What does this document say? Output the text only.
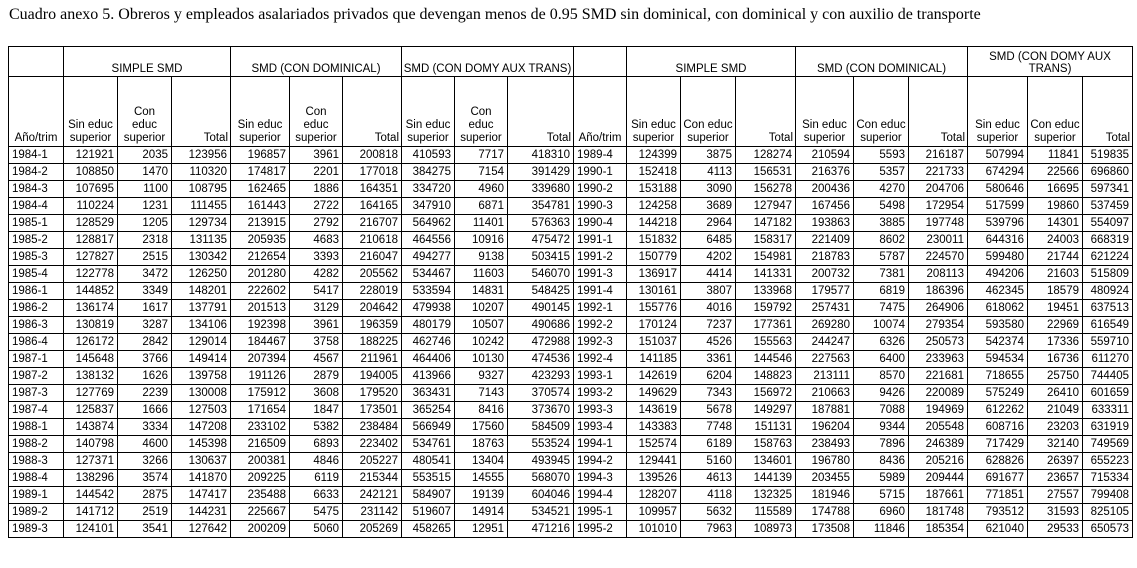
Cuadro anexo 5. Obreros y empleados asalariados privados que devengan menos de 0.95 SMD sin dominical, con dominical y con auxilio de transporte
	SIMPLE SMD			SMD (CON DOMINICAL)			SMD (CON DOMY AUX TRANS)				SIMPLE SMD			SMD (CON DOMINICAL)			SMD (CON DOMY AUX TRANS)		
Año/trim	Sin educ superior	Con educ superior	Total	Sin educ superior	Con educ superior	Total	Sin educ superior	Con educ superior	Total	Año/trim	Sin educ superior	Con educ superior	Total	Sin educ superior	Con educ superior	Total	Sin educ superior	Con educ superior	Total
1984-1	121921	2035	123956	196857	3961	200818	410593	7717	418310	1989-4	124399	3875	128274	210594	5593	216187	507994	11841	519835
1984-2	108850	1470	110320	174817	2201	177018	384275	7154	391429	1990-1	152418	4113	156531	216376	5357	221733	674294	22566	696860
1984-3	107695	1100	108795	162465	1886	164351	334720	4960	339680	1990-2	153188	3090	156278	200436	4270	204706	580646	16695	597341
1984-4	110224	1231	111455	161443	2722	164165	347910	6871	354781	1990-3	124258	3689	127947	167456	5498	172954	517599	19860	537459
1985-1	128529	1205	129734	213915	2792	216707	564962	11401	576363	1990-4	144218	2964	147182	193863	3885	197748	539796	14301	554097
1985-2	128817	2318	131135	205935	4683	210618	464556	10916	475472	1991-1	151832	6485	158317	221409	8602	230011	644316	24003	668319
1985-3	127827	2515	130342	212654	3393	216047	494277	9138	503415	1991-2	150779	4202	154981	218783	5787	224570	599480	21744	621224
1985-4	122778	3472	126250	201280	4282	205562	534467	11603	546070	1991-3	136917	4414	141331	200732	7381	208113	494206	21603	515809
1986-1	144852	3349	148201	222602	5417	228019	533594	14831	548425	1991-4	130161	3807	133968	179577	6819	186396	462345	18579	480924
1986-2	136174	1617	137791	201513	3129	204642	479938	10207	490145	1992-1	155776	4016	159792	257431	7475	264906	618062	19451	637513
1986-3	130819	3287	134106	192398	3961	196359	480179	10507	490686	1992-2	170124	7237	177361	269280	10074	279354	593580	22969	616549
1986-4	126172	2842	129014	184467	3758	188225	462746	10242	472988	1992-3	151037	4526	155563	244247	6326	250573	542374	17336	559710
1987-1	145648	3766	149414	207394	4567	211961	464406	10130	474536	1992-4	141185	3361	144546	227563	6400	233963	594534	16736	611270
1987-2	138132	1626	139758	191126	2879	194005	413966	9327	423293	1993-1	142619	6204	148823	213111	8570	221681	718655	25750	744405
1987-3	127769	2239	130008	175912	3608	179520	363431	7143	370574	1993-2	149629	7343	156972	210663	9426	220089	575249	26410	601659
1987-4	125837	1666	127503	171654	1847	173501	365254	8416	373670	1993-3	143619	5678	149297	187881	7088	194969	612262	21049	633311
1988-1	143874	3334	147208	233102	5382	238484	566949	17560	584509	1993-4	143383	7748	151131	196204	9344	205548	608716	23203	631919
1988-2	140798	4600	145398	216509	6893	223402	534761	18763	553524	1994-1	152574	6189	158763	238493	7896	246389	717429	32140	749569
1988-3	127371	3266	130637	200381	4846	205227	480541	13404	493945	1994-2	129441	5160	134601	196780	8436	205216	628826	26397	655223
1988-4	138296	3574	141870	209225	6119	215344	553515	14555	568070	1994-3	139526	4613	144139	203455	5989	209444	691677	23657	715334
1989-1	144542	2875	147417	235488	6633	242121	584907	19139	604046	1994-4	128207	4118	132325	181946	5715	187661	771851	27557	799408
1989-2	141712	2519	144231	225667	5475	231142	519607	14914	534521	1995-1	109957	5632	115589	174788	6960	181748	793512	31593	825105
1989-3	124101	3541	127642	200209	5060	205269	458265	12951	471216	1995-2	101010	7963	108973	173508	11846	185354	621040	29533	650573
